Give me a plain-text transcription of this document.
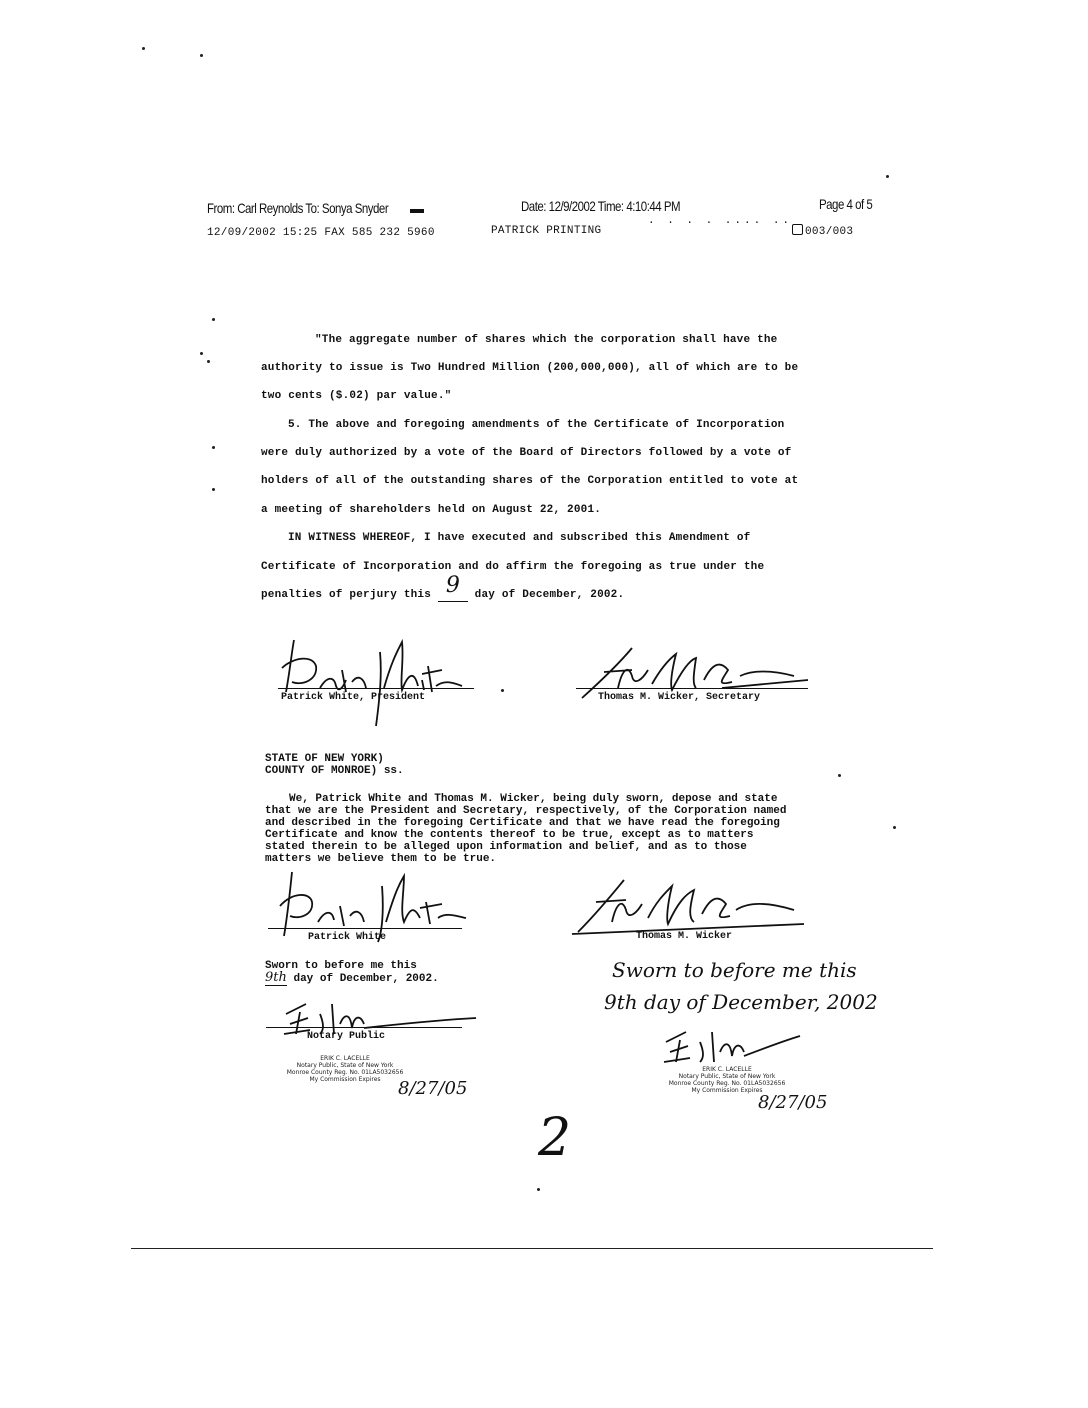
From: Carl Reynolds To: Sonya Snyder	Date: 12/9/2002 Time: 4:10:44 PM	Page 4 of 5
12/09/2002 15:25 FAX 585 232 5960	PATRICK PRINTING
. . . . .... ..
003/003
"The aggregate number of shares which the corporation shall have the
authority to issue is Two Hundred Million (200,000,000), all of which are to be
two cents ($.02) par value."
5. The above and foregoing amendments of the Certificate of Incorporation
were duly authorized by a vote of the Board of Directors followed by a vote of
holders of all of the outstanding shares of the Corporation entitled to vote at
a meeting of shareholders held on August 22, 2001.
IN WITNESS WHEREOF, I have executed and subscribed this Amendment of
Certificate of Incorporation and do affirm the foregoing as true under the
penalties of perjury this 9 day of December, 2002.
Patrick White, President	Thomas M. Wicker, Secretary
STATE OF NEW YORK)
COUNTY OF MONROE) ss.
We, Patrick White and Thomas M. Wicker, being duly sworn, depose and state
that we are the President and Secretary, respectively, of the Corporation named
and described in the foregoing Certificate and that we have read the foregoing
Certificate and know the contents thereof to be true, except as to matters
stated therein to be alleged upon information and belief, and as to those
matters we believe them to be true.
Patrick White	Thomas M. Wicker
Sworn to before me this
9th day of December, 2002.
Notary Public
ERIK C. LACELLE
Notary Public, State of New York
Monroe County Reg. No. 01LA5032656
My Commission Expires 8/27/05
Sworn to before me this
9th day of December, 2002
ERIK C. LACELLE
Notary Public, State of New York
Monroe County Reg. No. 01LA5032656
My Commission Expires
8/27/05
2
